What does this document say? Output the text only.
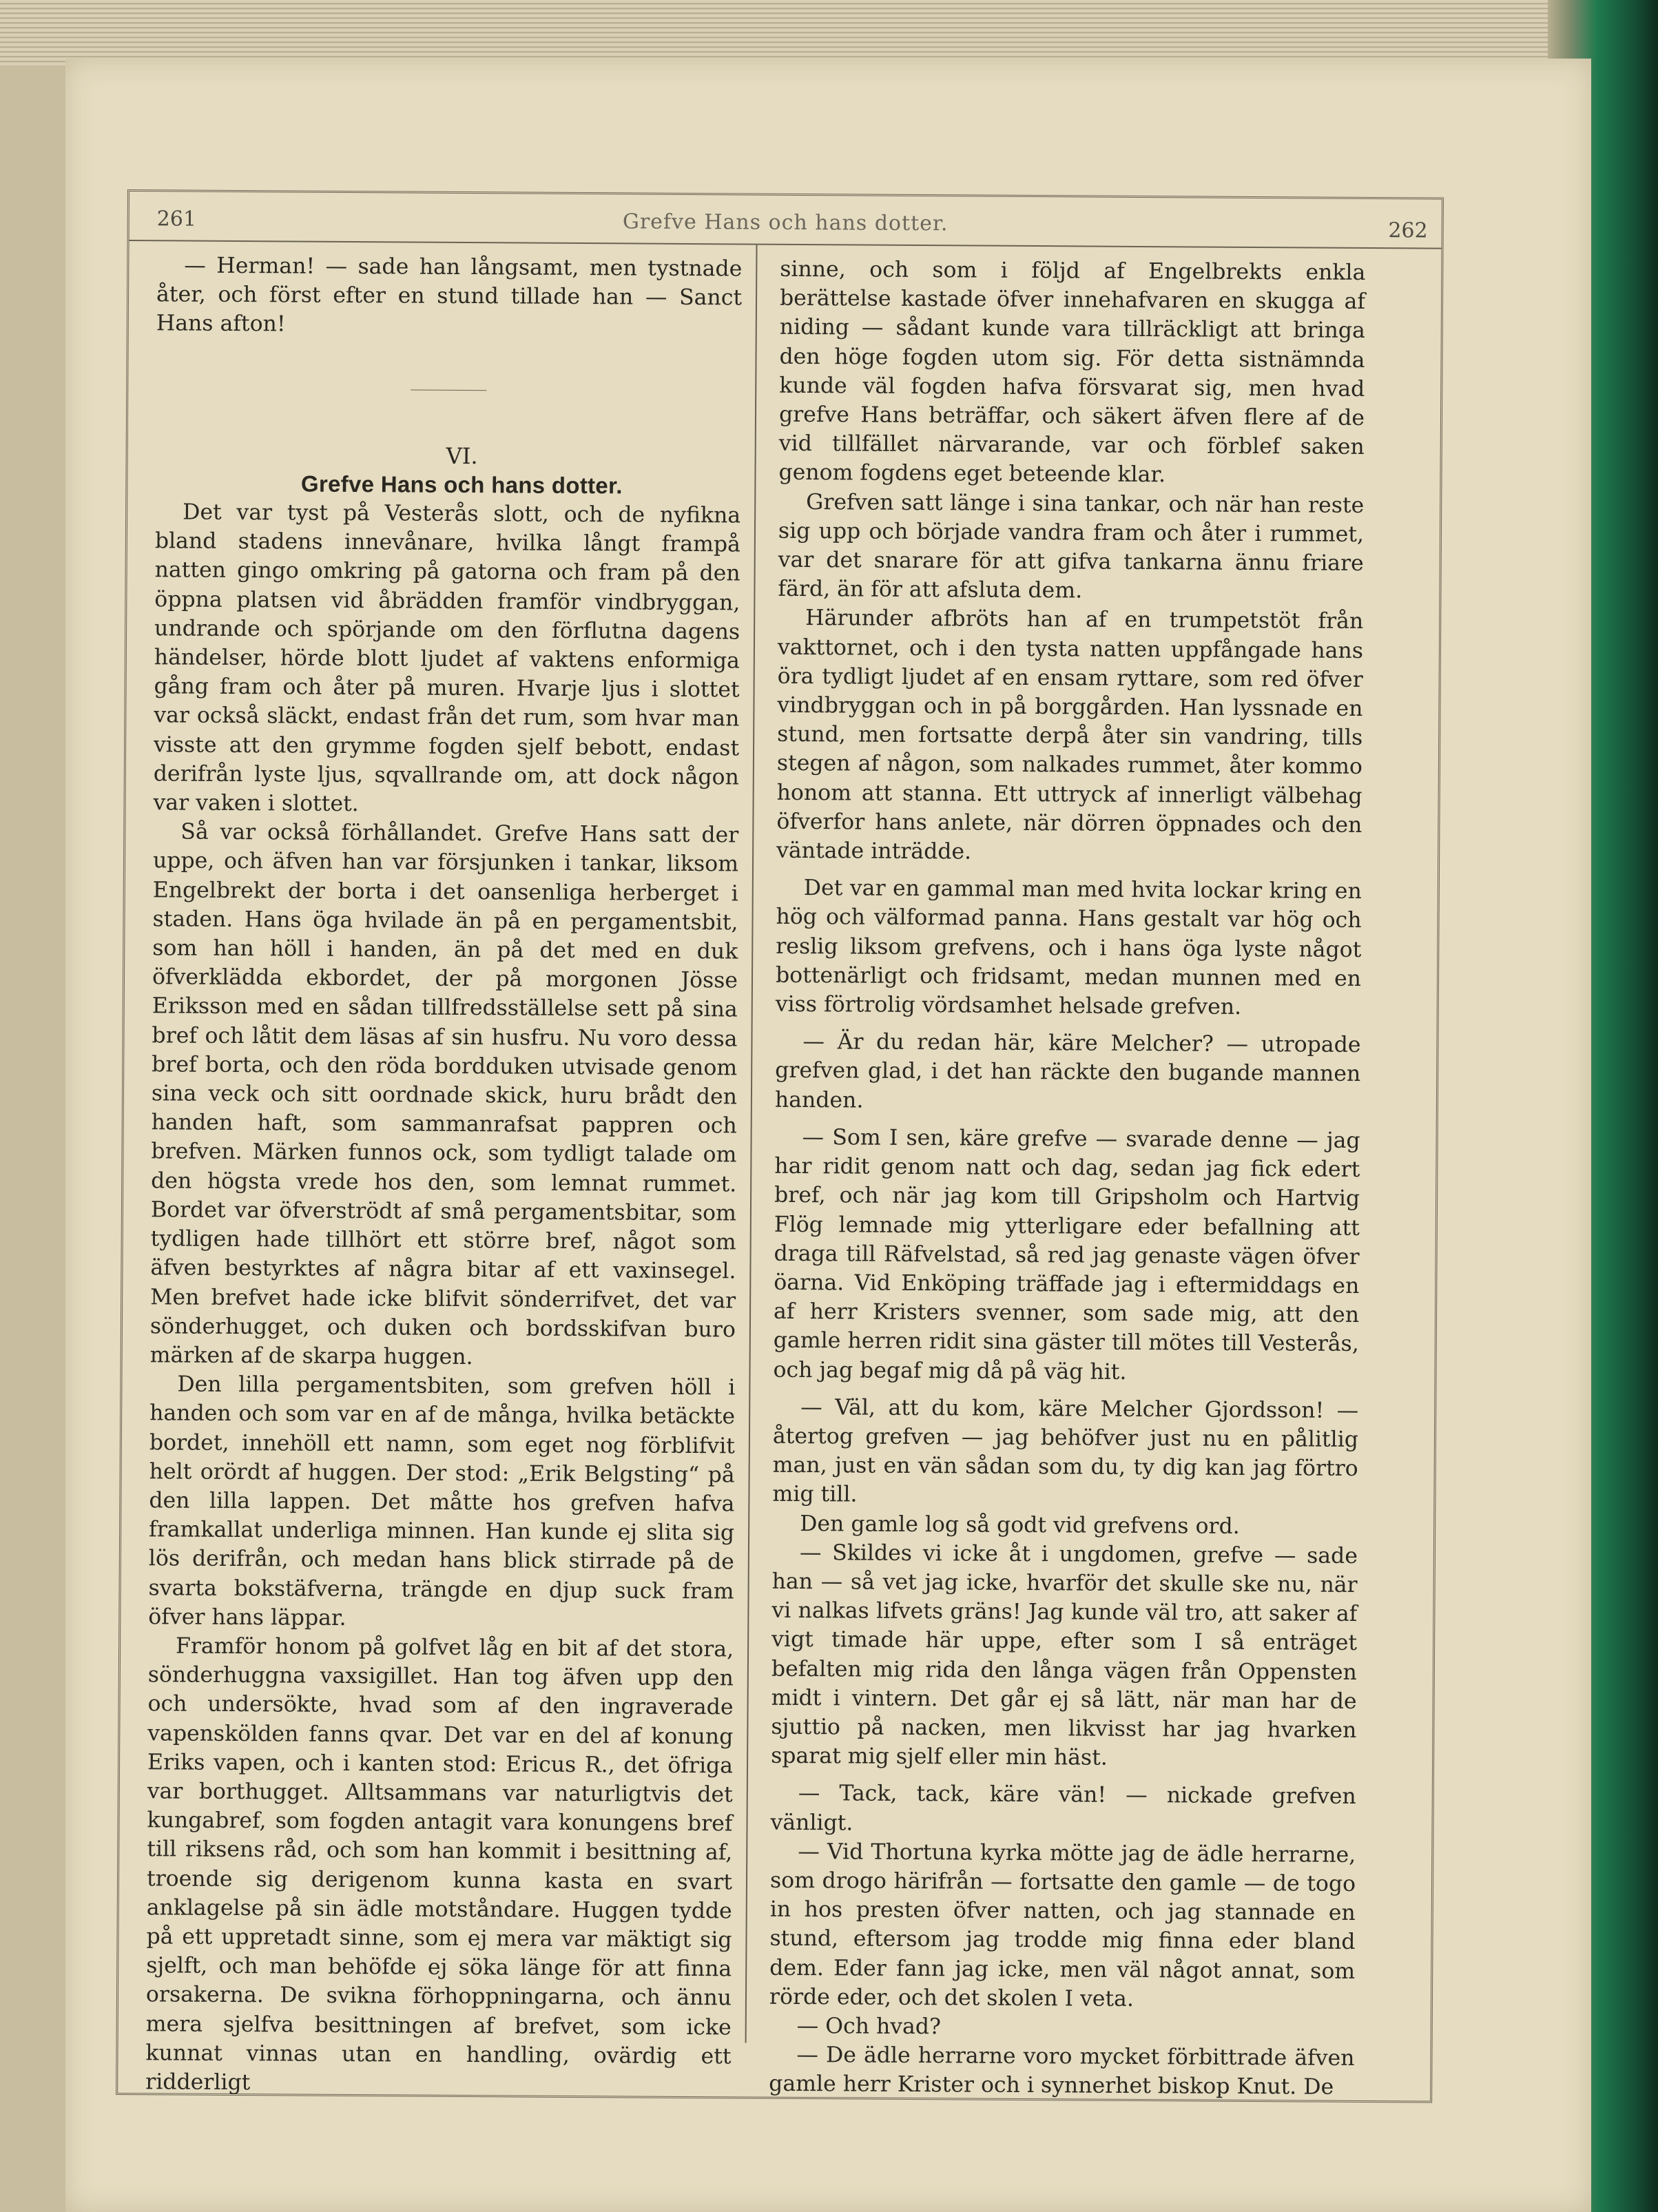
261	Grefve Hans och hans dotter.	262

— Herman! — sade han långsamt, men tystnade åter, och först efter en stund tillade han — Sanct Hans afton!

VI.

Grefve Hans och hans dotter.

Det var tyst på Vesterås slott, och de nyfikna bland stadens innevånare, hvilka långt frampå natten gingo omkring på gatorna och fram på den öppna platsen vid åbrädden framför vindbryggan, undrande och spörjande om den förflutna dagens händelser, hörde blott ljudet af vaktens enformiga gång fram och åter på muren. Hvarje ljus i slottet var också släckt, endast från det rum, som hvar man visste att den grymme fogden sjelf bebott, endast derifrån lyste ljus, sqvallrande om, att dock någon var vaken i slottet.

Så var också förhållandet. Grefve Hans satt der uppe, och äfven han var försjunken i tankar, liksom Engelbrekt der borta i det oansenliga herberget i staden. Hans öga hvilade än på en pergamentsbit, som han höll i handen, än på det med en duk öfverklädda ekbordet, der på morgonen Jösse Eriksson med en sådan tillfredsställelse sett på sina bref och låtit dem läsas af sin husfru. Nu voro dessa bref borta, och den röda bordduken utvisade genom sina veck och sitt oordnade skick, huru brådt den handen haft, som sammanrafsat pappren och brefven. Märken funnos ock, som tydligt talade om den högsta vrede hos den, som lemnat rummet. Bordet var öfverströdt af små pergamentsbitar, som tydligen hade tillhört ett större bref, något som äfven bestyrktes af några bitar af ett vaxinsegel. Men brefvet hade icke blifvit sönderrifvet, det var sönderhugget, och duken och bordsskifvan buro märken af de skarpa huggen.

Den lilla pergamentsbiten, som grefven höll i handen och som var en af de många, hvilka betäckte bordet, innehöll ett namn, som eget nog förblifvit helt orördt af huggen. Der stod: „Erik Belgsting“ på den lilla lappen. Det måtte hos grefven hafva framkallat underliga minnen. Han kunde ej slita sig lös derifrån, och medan hans blick stirrade på de svarta bokstäfverna, trängde en djup suck fram öfver hans läppar.

Framför honom på golfvet låg en bit af det stora, sönderhuggna vaxsigillet. Han tog äfven upp den och undersökte, hvad som af den ingraverade vapenskölden fanns qvar. Det var en del af konung Eriks vapen, och i kanten stod: Ericus R., det öfriga var borthugget. Alltsammans var naturligtvis det kungabref, som fogden antagit vara konungens bref till riksens råd, och som han kommit i besittning af, troende sig derigenom kunna kasta en svart anklagelse på sin ädle motståndare. Huggen tydde på ett uppretadt sinne, som ej mera var mäktigt sig sjelft, och man behöfde ej söka länge för att finna orsakerna. De svikna förhoppningarna, och ännu mera sjelfva besittningen af brefvet, som icke kunnat vinnas utan en handling, ovärdig ett ridderligt

sinne, och som i följd af Engelbrekts enkla berättelse kastade öfver innehafvaren en skugga af niding — sådant kunde vara tillräckligt att bringa den höge fogden utom sig. För detta sistnämnda kunde väl fogden hafva försvarat sig, men hvad grefve Hans beträffar, och säkert äfven flere af de vid tillfället närvarande, var och förblef saken genom fogdens eget beteende klar.

Grefven satt länge i sina tankar, och när han reste sig upp och började vandra fram och åter i rummet, var det snarare för att gifva tankarna ännu friare färd, än för att afsluta dem.

Härunder afbröts han af en trumpetstöt från vakttornet, och i den tysta natten uppfångade hans öra tydligt ljudet af en ensam ryttare, som red öfver vindbryggan och in på borggården. Han lyssnade en stund, men fortsatte derpå åter sin vandring, tills stegen af någon, som nalkades rummet, åter kommo honom att stanna. Ett uttryck af innerligt välbehag öfverfor hans anlete, när dörren öppnades och den väntade inträdde.

Det var en gammal man med hvita lockar kring en hög och välformad panna. Hans gestalt var hög och reslig liksom grefvens, och i hans öga lyste något bottenärligt och fridsamt, medan munnen med en viss förtrolig vördsamhet helsade grefven.

— Är du redan här, käre Melcher? — utropade grefven glad, i det han räckte den bugande mannen handen.

— Som I sen, käre grefve — svarade denne — jag har ridit genom natt och dag, sedan jag fick edert bref, och när jag kom till Gripsholm och Hartvig Flög lemnade mig ytterligare eder befallning att draga till Räfvelstad, så red jag genaste vägen öfver öarna. Vid Enköping träffade jag i eftermiddags en af herr Kristers svenner, som sade mig, att den gamle herren ridit sina gäster till mötes till Vesterås, och jag begaf mig då på väg hit.

— Väl, att du kom, käre Melcher Gjordsson! — återtog grefven — jag behöfver just nu en pålitlig man, just en vän sådan som du, ty dig kan jag förtro mig till.

Den gamle log så godt vid grefvens ord.

— Skildes vi icke åt i ungdomen, grefve — sade han — så vet jag icke, hvarför det skulle ske nu, när vi nalkas lifvets gräns! Jag kunde väl tro, att saker af vigt timade här uppe, efter som I så enträget befalten mig rida den långa vägen från Oppensten midt i vintern. Det går ej så lätt, när man har de sjuttio på nacken, men likvisst har jag hvarken sparat mig sjelf eller min häst.

— Tack, tack, käre vän! — nickade grefven vänligt.

— Vid Thortuna kyrka mötte jag de ädle herrarne, som drogo härifrån — fortsatte den gamle — de togo in hos presten öfver natten, och jag stannade en stund, eftersom jag trodde mig finna eder bland dem. Eder fann jag icke, men väl något annat, som rörde eder, och det skolen I veta.

— Och hvad?

— De ädle herrarne voro mycket förbittrade äfven gamle herr Krister och i synnerhet biskop Knut. De
